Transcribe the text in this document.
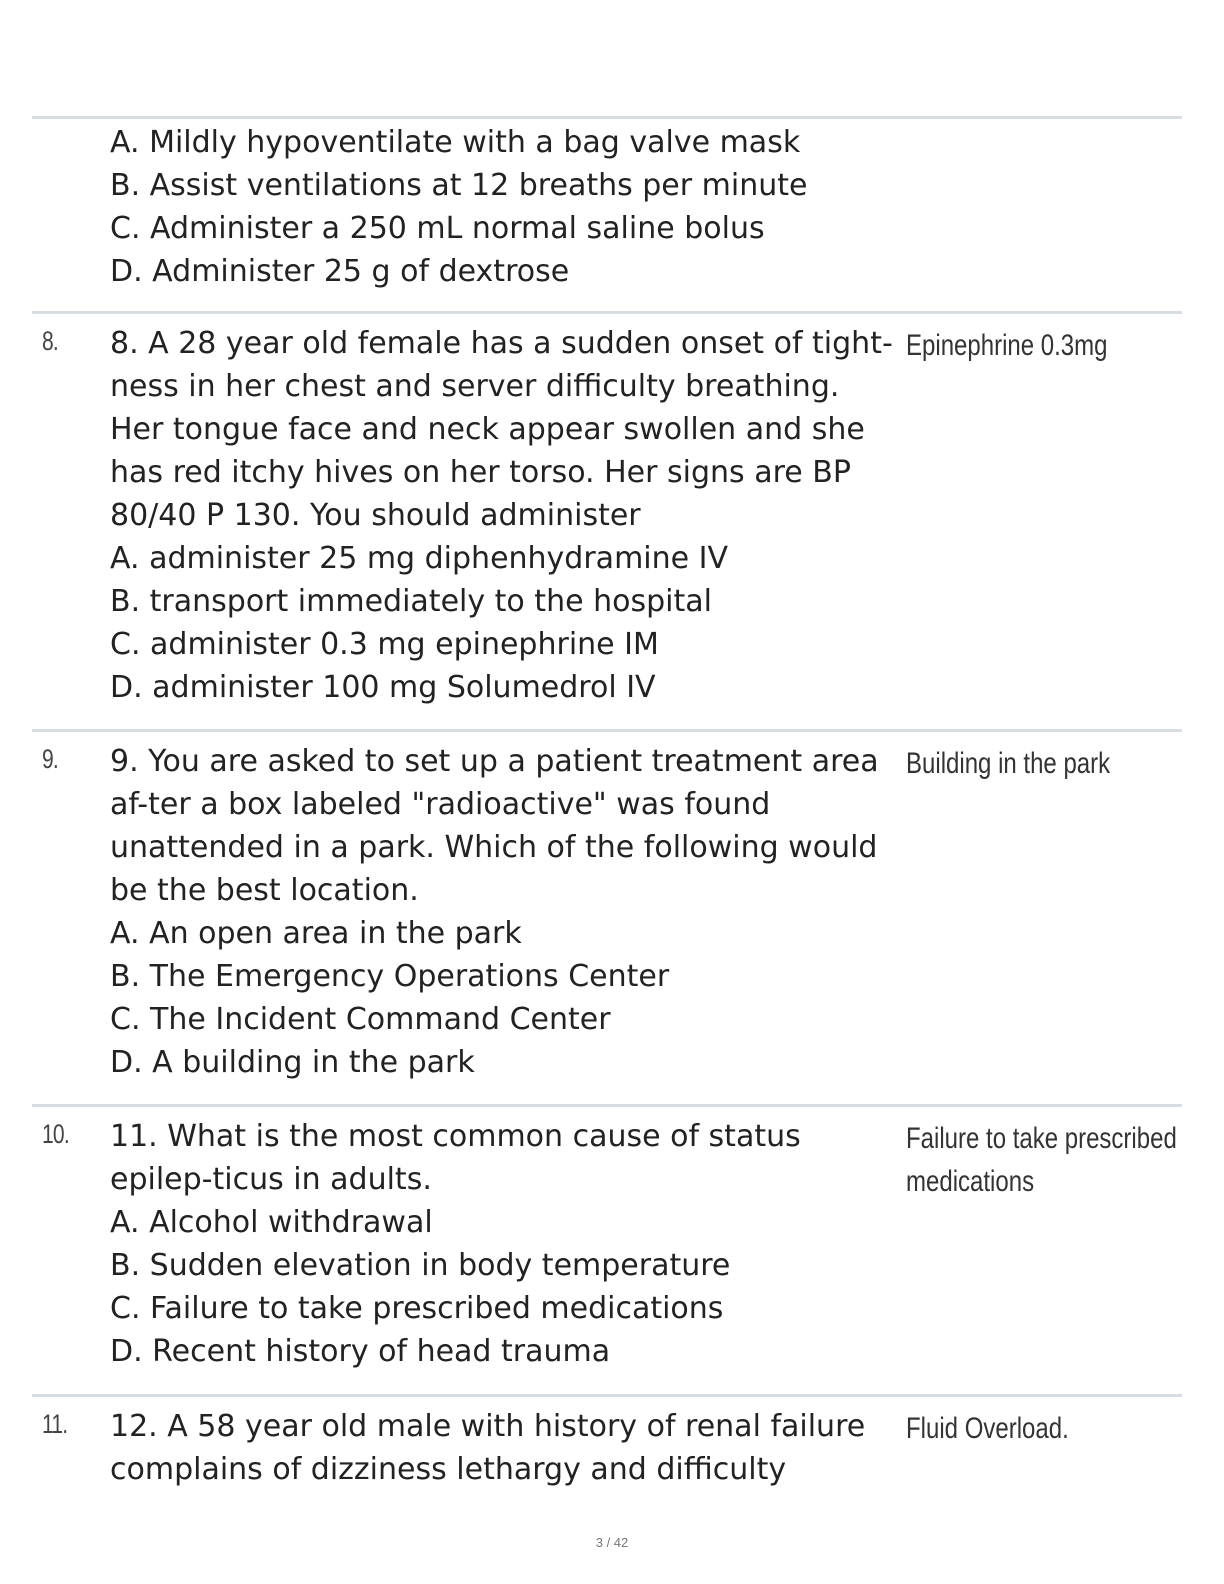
A. Mildly hypoventilate with a bag valve mask
B. Assist ventilations at 12 breaths per minute
C. Administer a 250 mL normal saline bolus
D. Administer 25 g of dextrose
8. 8. A 28 year old female has a sudden onset of tight-ness in her chest and server difficulty breathing. Her tongue face and neck appear swollen and she has red itchy hives on her torso. Her signs are BP 80/40 P 130. You should administer

A. administer 25 mg diphenhydramine IV
B. transport immediately to the hospital
C. administer 0.3 mg epinephrine IM
D. administer 100 mg Solumedrol IV
Epinephrine 0.3mg
9. 9. You are asked to set up a patient treatment area af-ter a box labeled "radioactive" was found unattended in a park. Which of the following would be the best location.

A. An open area in the park
B. The Emergency Operations Center
C. The Incident Command Center
D. A building in the park
Building in the park
10. 11. What is the most common cause of status epilep-ticus in adults.

A. Alcohol withdrawal
B. Sudden elevation in body temperature
C. Failure to take prescribed medications
D. Recent history of head trauma
Failure to take prescribed medications
11. 12. A 58 year old male with history of renal failure complains of dizziness lethargy and difficulty

Fluid Overload.
3 / 42
